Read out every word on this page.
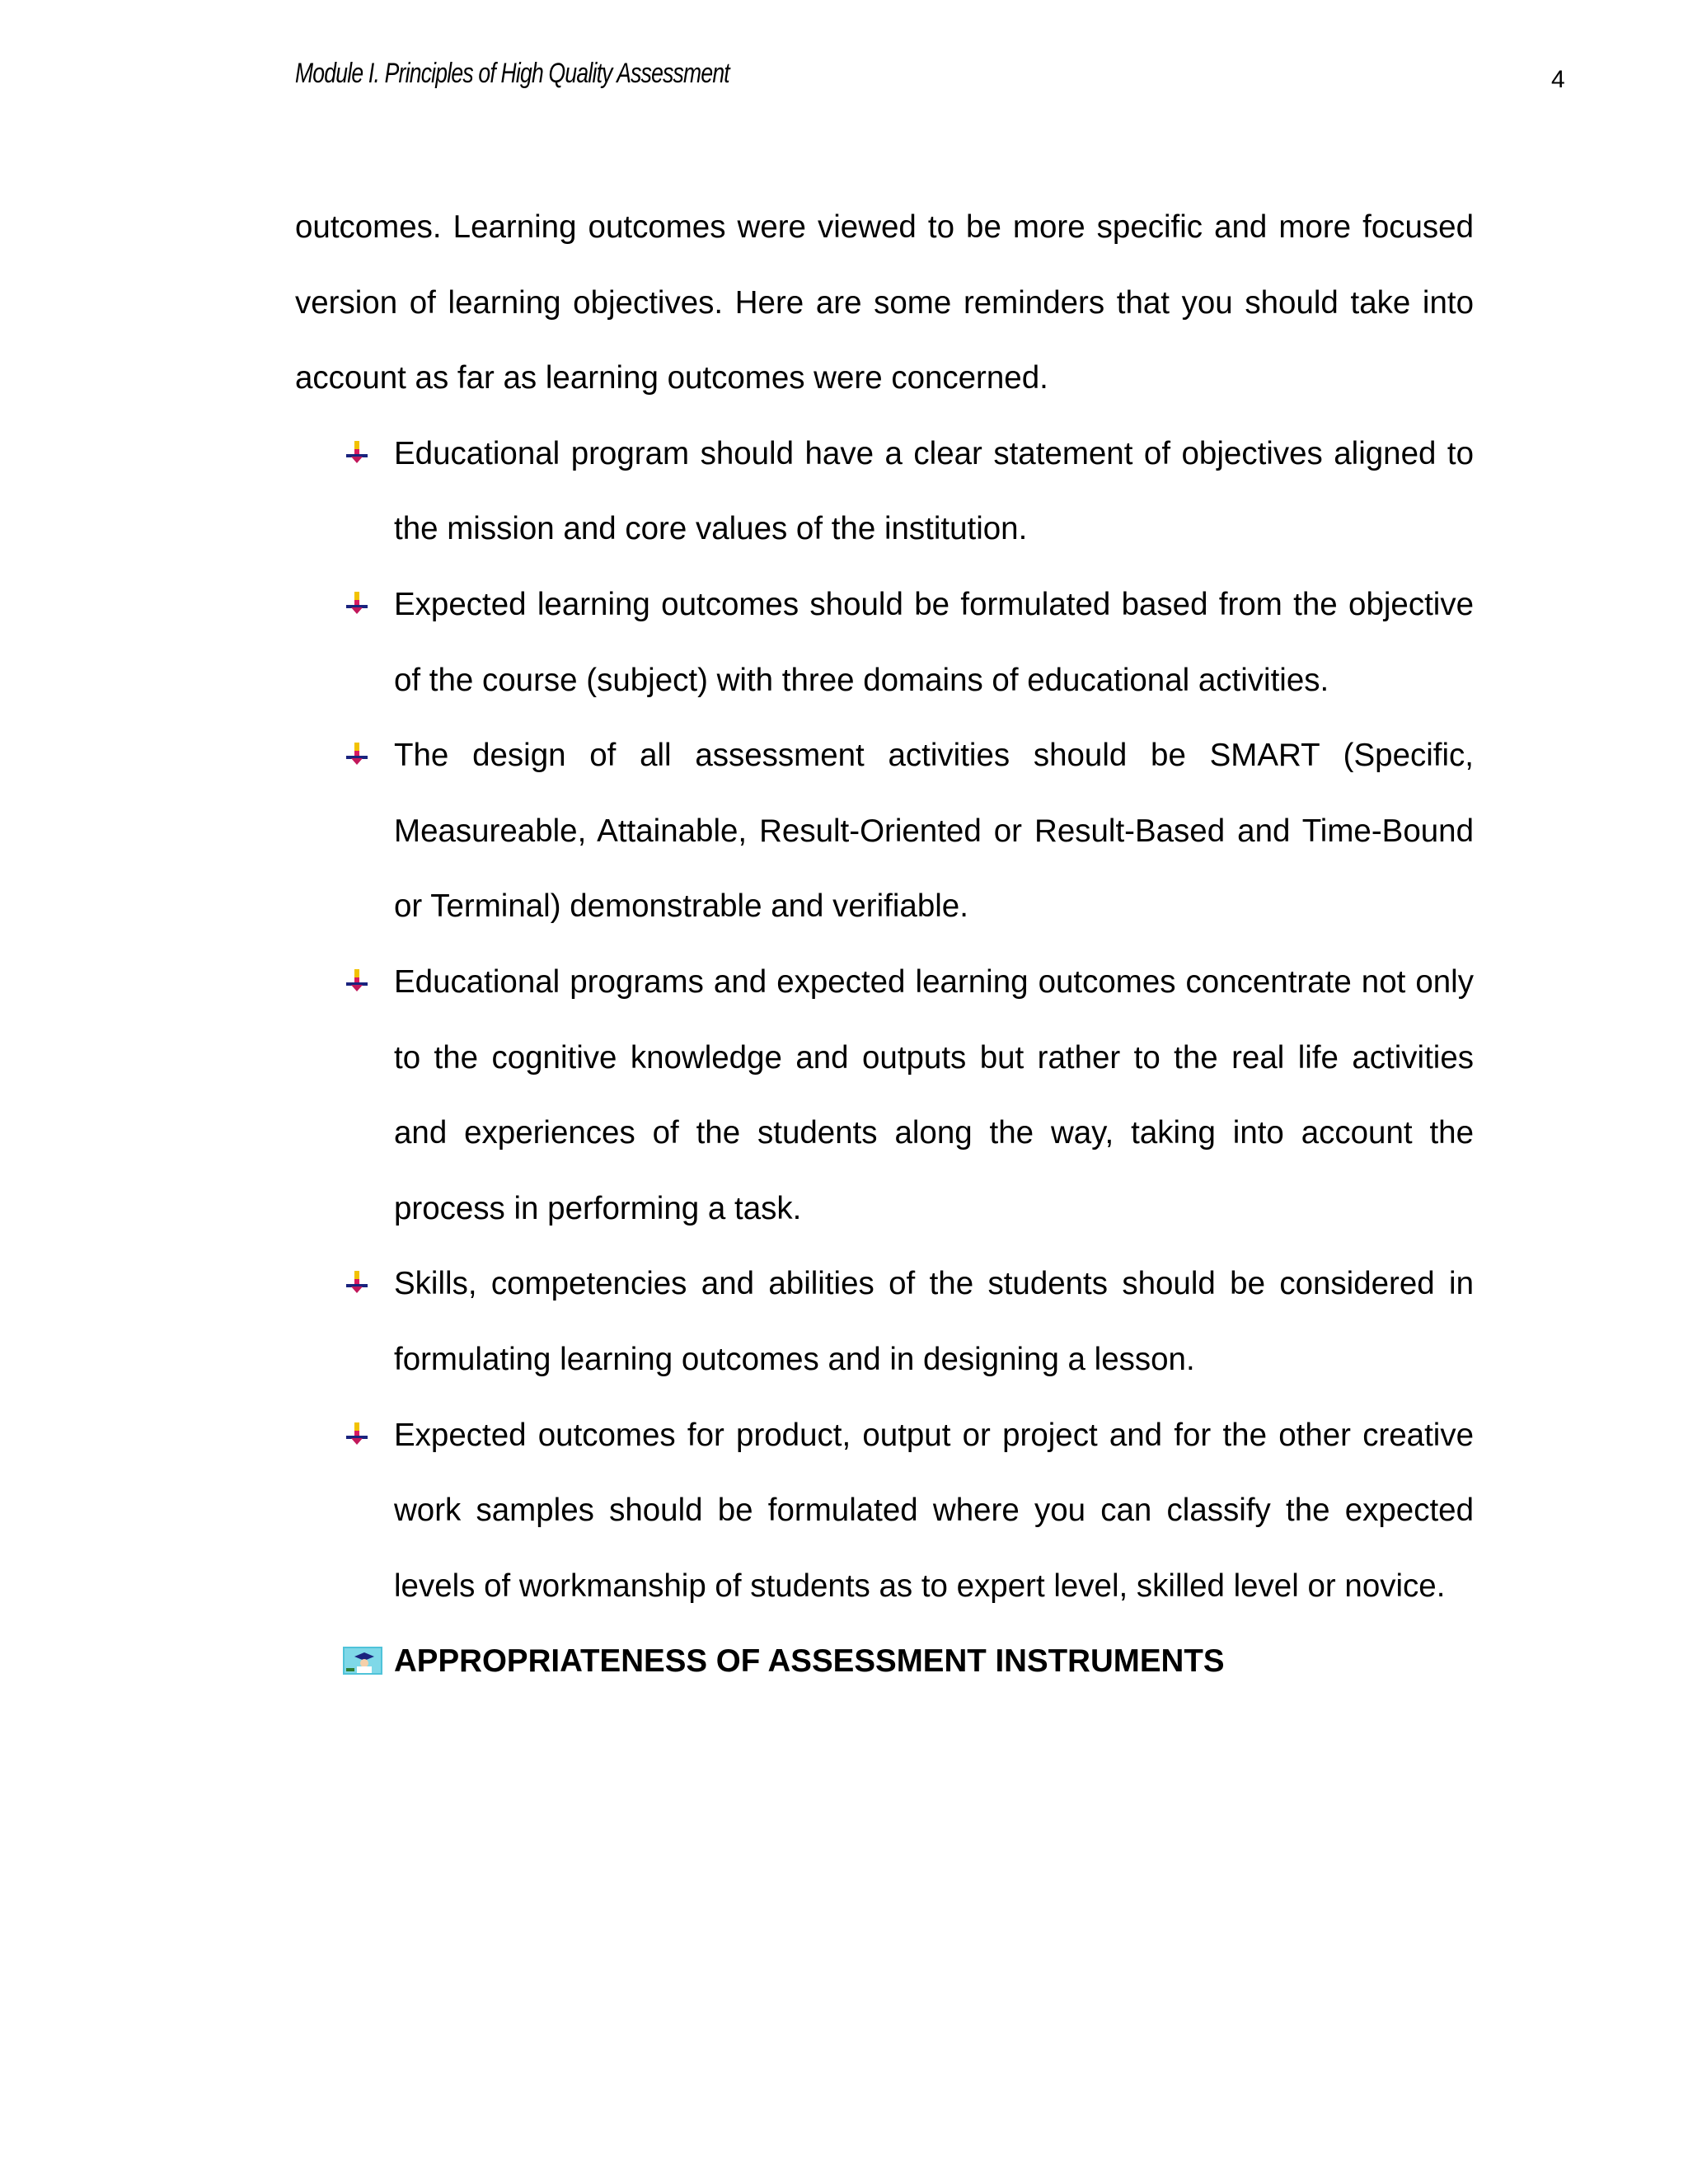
Module I. Principles of High Quality Assessment	4

outcomes. Learning outcomes were viewed to be more specific and more focused version of learning objectives. Here are some reminders that you should take into account as far as learning outcomes were concerned.

Educational program should have a clear statement of objectives aligned to the mission and core values of the institution.
Expected learning outcomes should be formulated based from the objective of the course (subject) with three domains of educational activities.
The design of all assessment activities should be SMART (Specific, Measureable, Attainable, Result-Oriented or Result-Based and Time-Bound or Terminal) demonstrable and verifiable.
Educational programs and expected learning outcomes concentrate not only to the cognitive knowledge and outputs but rather to the real life activities and experiences of the students along the way, taking into account the process in performing a task.
Skills, competencies and abilities of the students should be considered in formulating learning outcomes and in designing a lesson.
Expected outcomes for product, output or project and for the other creative work samples should be formulated where you can classify the expected levels of workmanship of students as to expert level, skilled level or novice.
APPROPRIATENESS OF ASSESSMENT INSTRUMENTS
